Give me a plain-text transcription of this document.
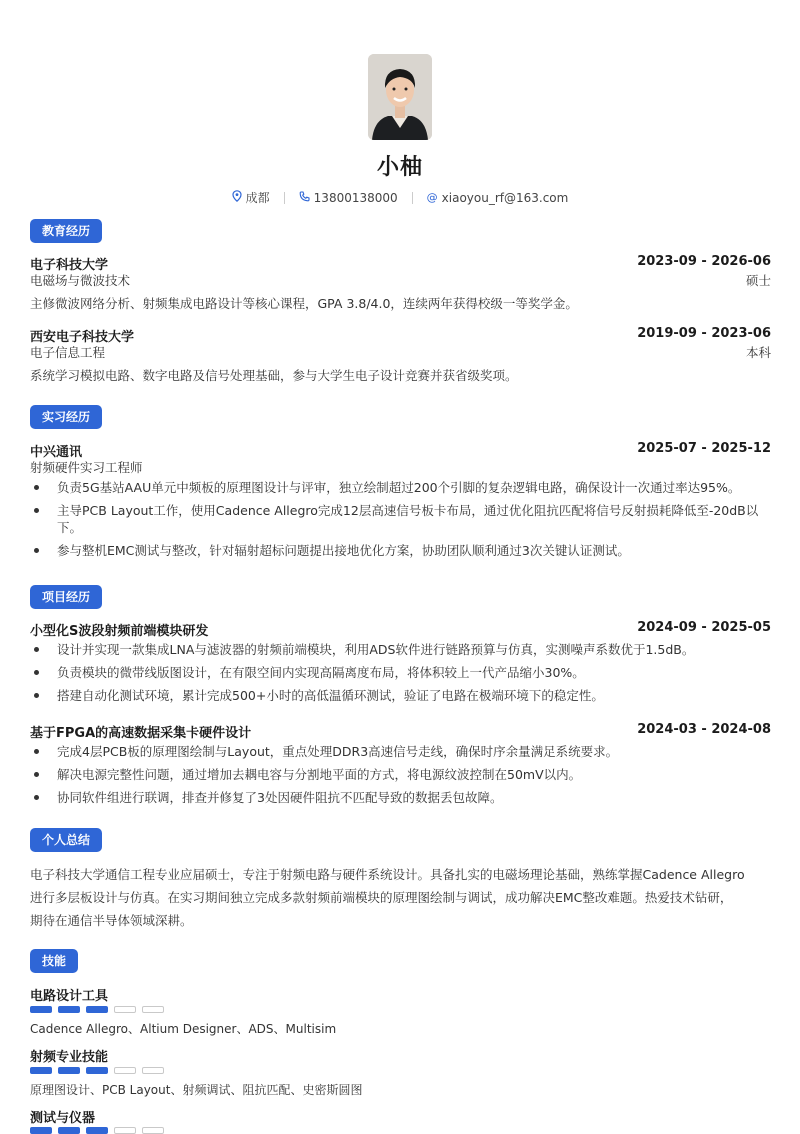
小柚
成都	13800138000	@ xiaoyou_rf@163.com
教育经历
电子科技大学	2023-09 - 2026-06
电磁场与微波技术	硕士
主修微波网络分析、射频集成电路设计等核心课程，GPA 3.8/4.0，连续两年获得校级一等奖学金。
西安电子科技大学	2019-09 - 2023-06
电子信息工程	本科
系统学习模拟电路、数字电路及信号处理基础，参与大学生电子设计竞赛并获省级奖项。
实习经历
中兴通讯	2025-07 - 2025-12
射频硬件实习工程师
负责5G基站AAU单元中频板的原理图设计与评审，独立绘制超过200个引脚的复杂逻辑电路，确保设计一次通过率达95%。
主导PCB Layout工作，使用Cadence Allegro完成12层高速信号板卡布局，通过优化阻抗匹配将信号反射损耗降低至-20dB以下。
参与整机EMC测试与整改，针对辐射超标问题提出接地优化方案，协助团队顺利通过3次关键认证测试。
项目经历
小型化S波段射频前端模块研发	2024-09 - 2025-05
设计并实现一款集成LNA与滤波器的射频前端模块，利用ADS软件进行链路预算与仿真，实测噪声系数优于1.5dB。
负责模块的微带线版图设计，在有限空间内实现高隔离度布局，将体积较上一代产品缩小30%。
搭建自动化测试环境，累计完成500+小时的高低温循环测试，验证了电路在极端环境下的稳定性。
基于FPGA的高速数据采集卡硬件设计	2024-03 - 2024-08
完成4层PCB板的原理图绘制与Layout，重点处理DDR3高速信号走线，确保时序余量满足系统要求。
解决电源完整性问题，通过增加去耦电容与分割地平面的方式，将电源纹波控制在50mV以内。
协同软件组进行联调，排查并修复了3处因硬件阻抗不匹配导致的数据丢包故障。
个人总结
电子科技大学通信工程专业应届硕士，专注于射频电路与硬件系统设计。具备扎实的电磁场理论基础，熟练掌握Cadence Allegro
进行多层板设计与仿真。在实习期间独立完成多款射频前端模块的原理图绘制与调试，成功解决EMC整改难题。热爱技术钻研，
期待在通信半导体领域深耕。
技能
电路设计工具
Cadence Allegro、Altium Designer、ADS、Multisim
射频专业技能
原理图设计、PCB Layout、射频调试、阻抗匹配、史密斯圆图
测试与仪器
